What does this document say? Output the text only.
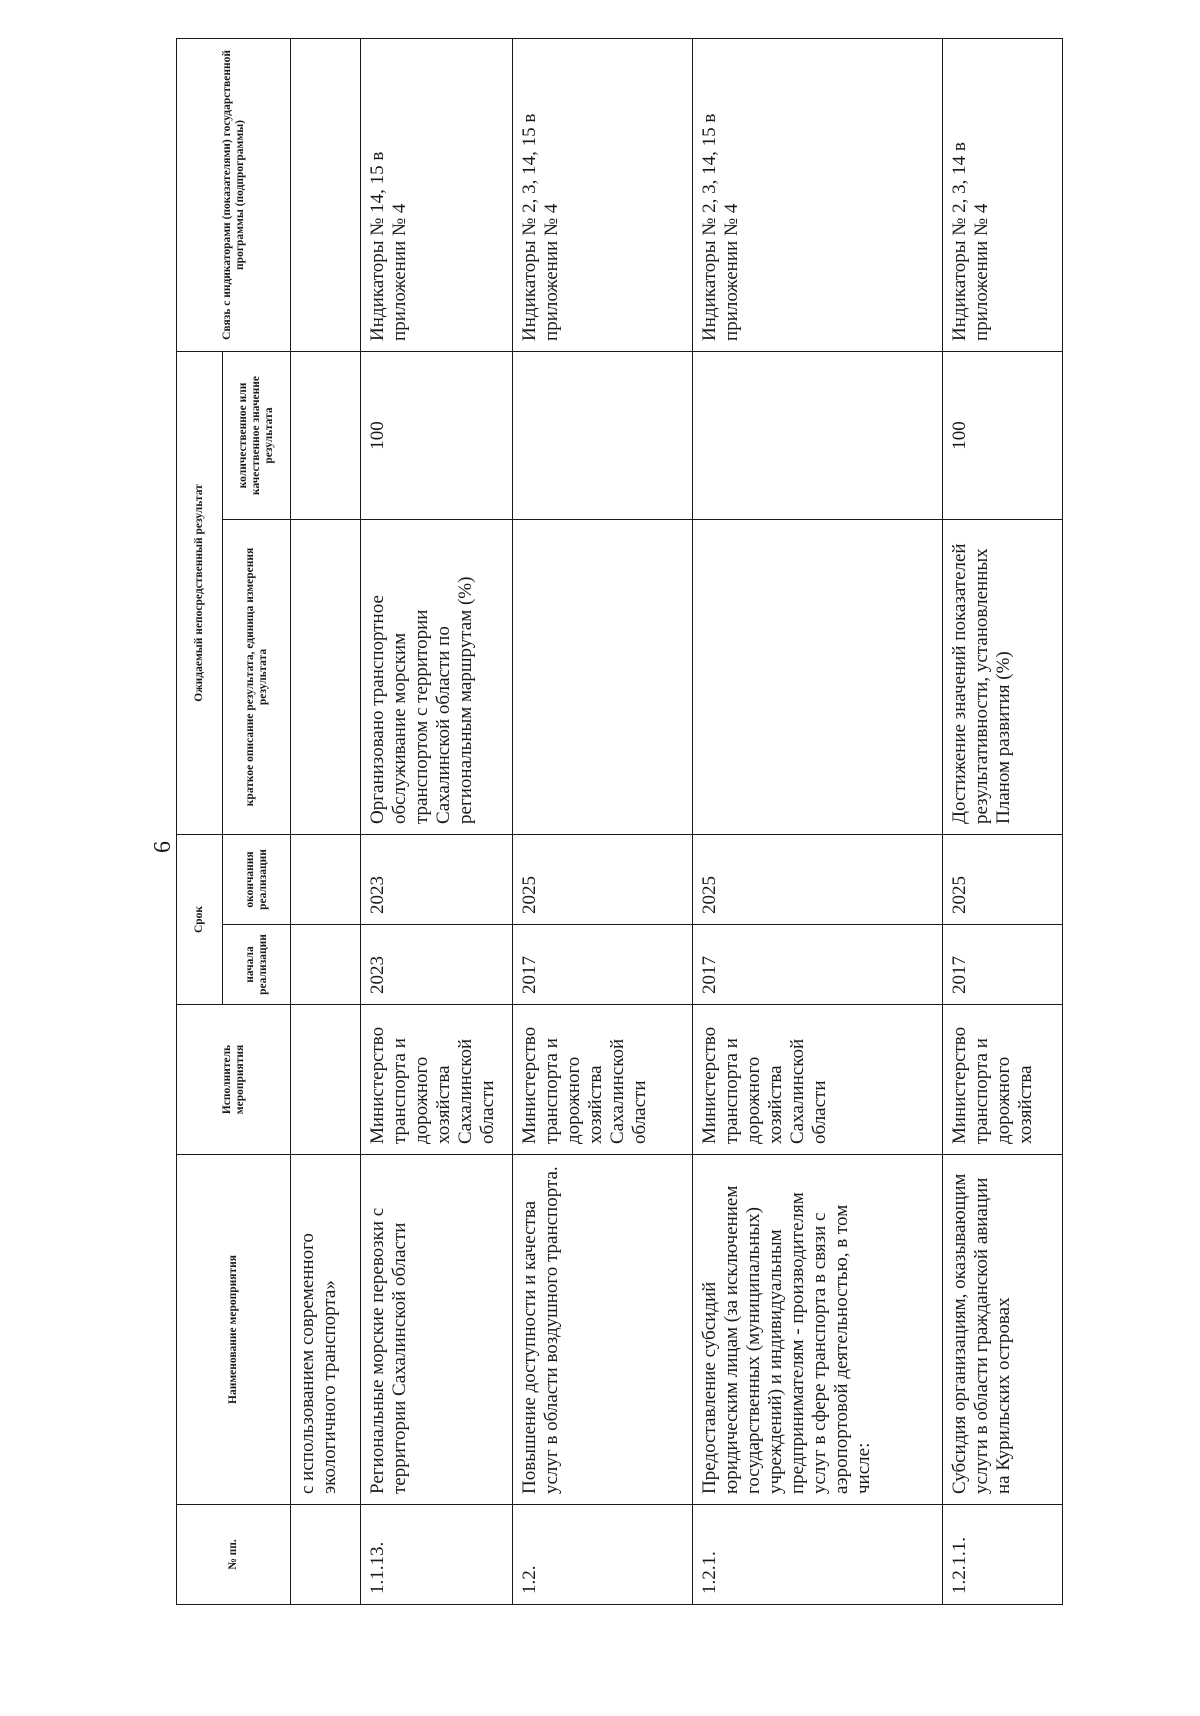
6
№ пп.	Наименование мероприятия	Исполнитель мероприятия	Срок		Ожидаемый непосредственный результат		Связь с индикаторами (показателями) государственной программы (подпрограммы)
			начала реализации	окончания реализации	краткое описание результата, единица измерения результата	количественное или качественное значение результата	
	с использованием современного экологичного транспорта»						
1.1.13.	Региональные морские перевозки с территории Сахалинской области	Министерство транспорта и дорожного хозяйства Сахалинской области	2023	2023	Организовано транспортное обслуживание морским транспортом с территории Сахалинской области по региональным маршрутам (%)	100	Индикаторы № 14, 15 в приложении № 4
1.2.	Повышение доступности и качества услуг в области воздушного транспорта.	Министерство транспорта и дорожного хозяйства Сахалинской области	2017	2025			Индикаторы № 2, 3, 14, 15 в приложении № 4
1.2.1.	Предоставление субсидий юридическим лицам (за исключением государственных (муниципальных) учреждений) и индивидуальным предпринимателям - производителям услуг в сфере транспорта в связи с аэропортовой деятельностью, в том числе:	Министерство транспорта и дорожного хозяйства Сахалинской области	2017	2025			Индикаторы № 2, 3, 14, 15 в приложении № 4
1.2.1.1.	Субсидия организациям, оказывающим услуги в области гражданской авиации на Курильских островах	Министерство транспорта и дорожного хозяйства	2017	2025	Достижение значений показателей результативности, установленных Планом развития (%)	100	Индикаторы № 2, 3, 14 в приложении № 4
